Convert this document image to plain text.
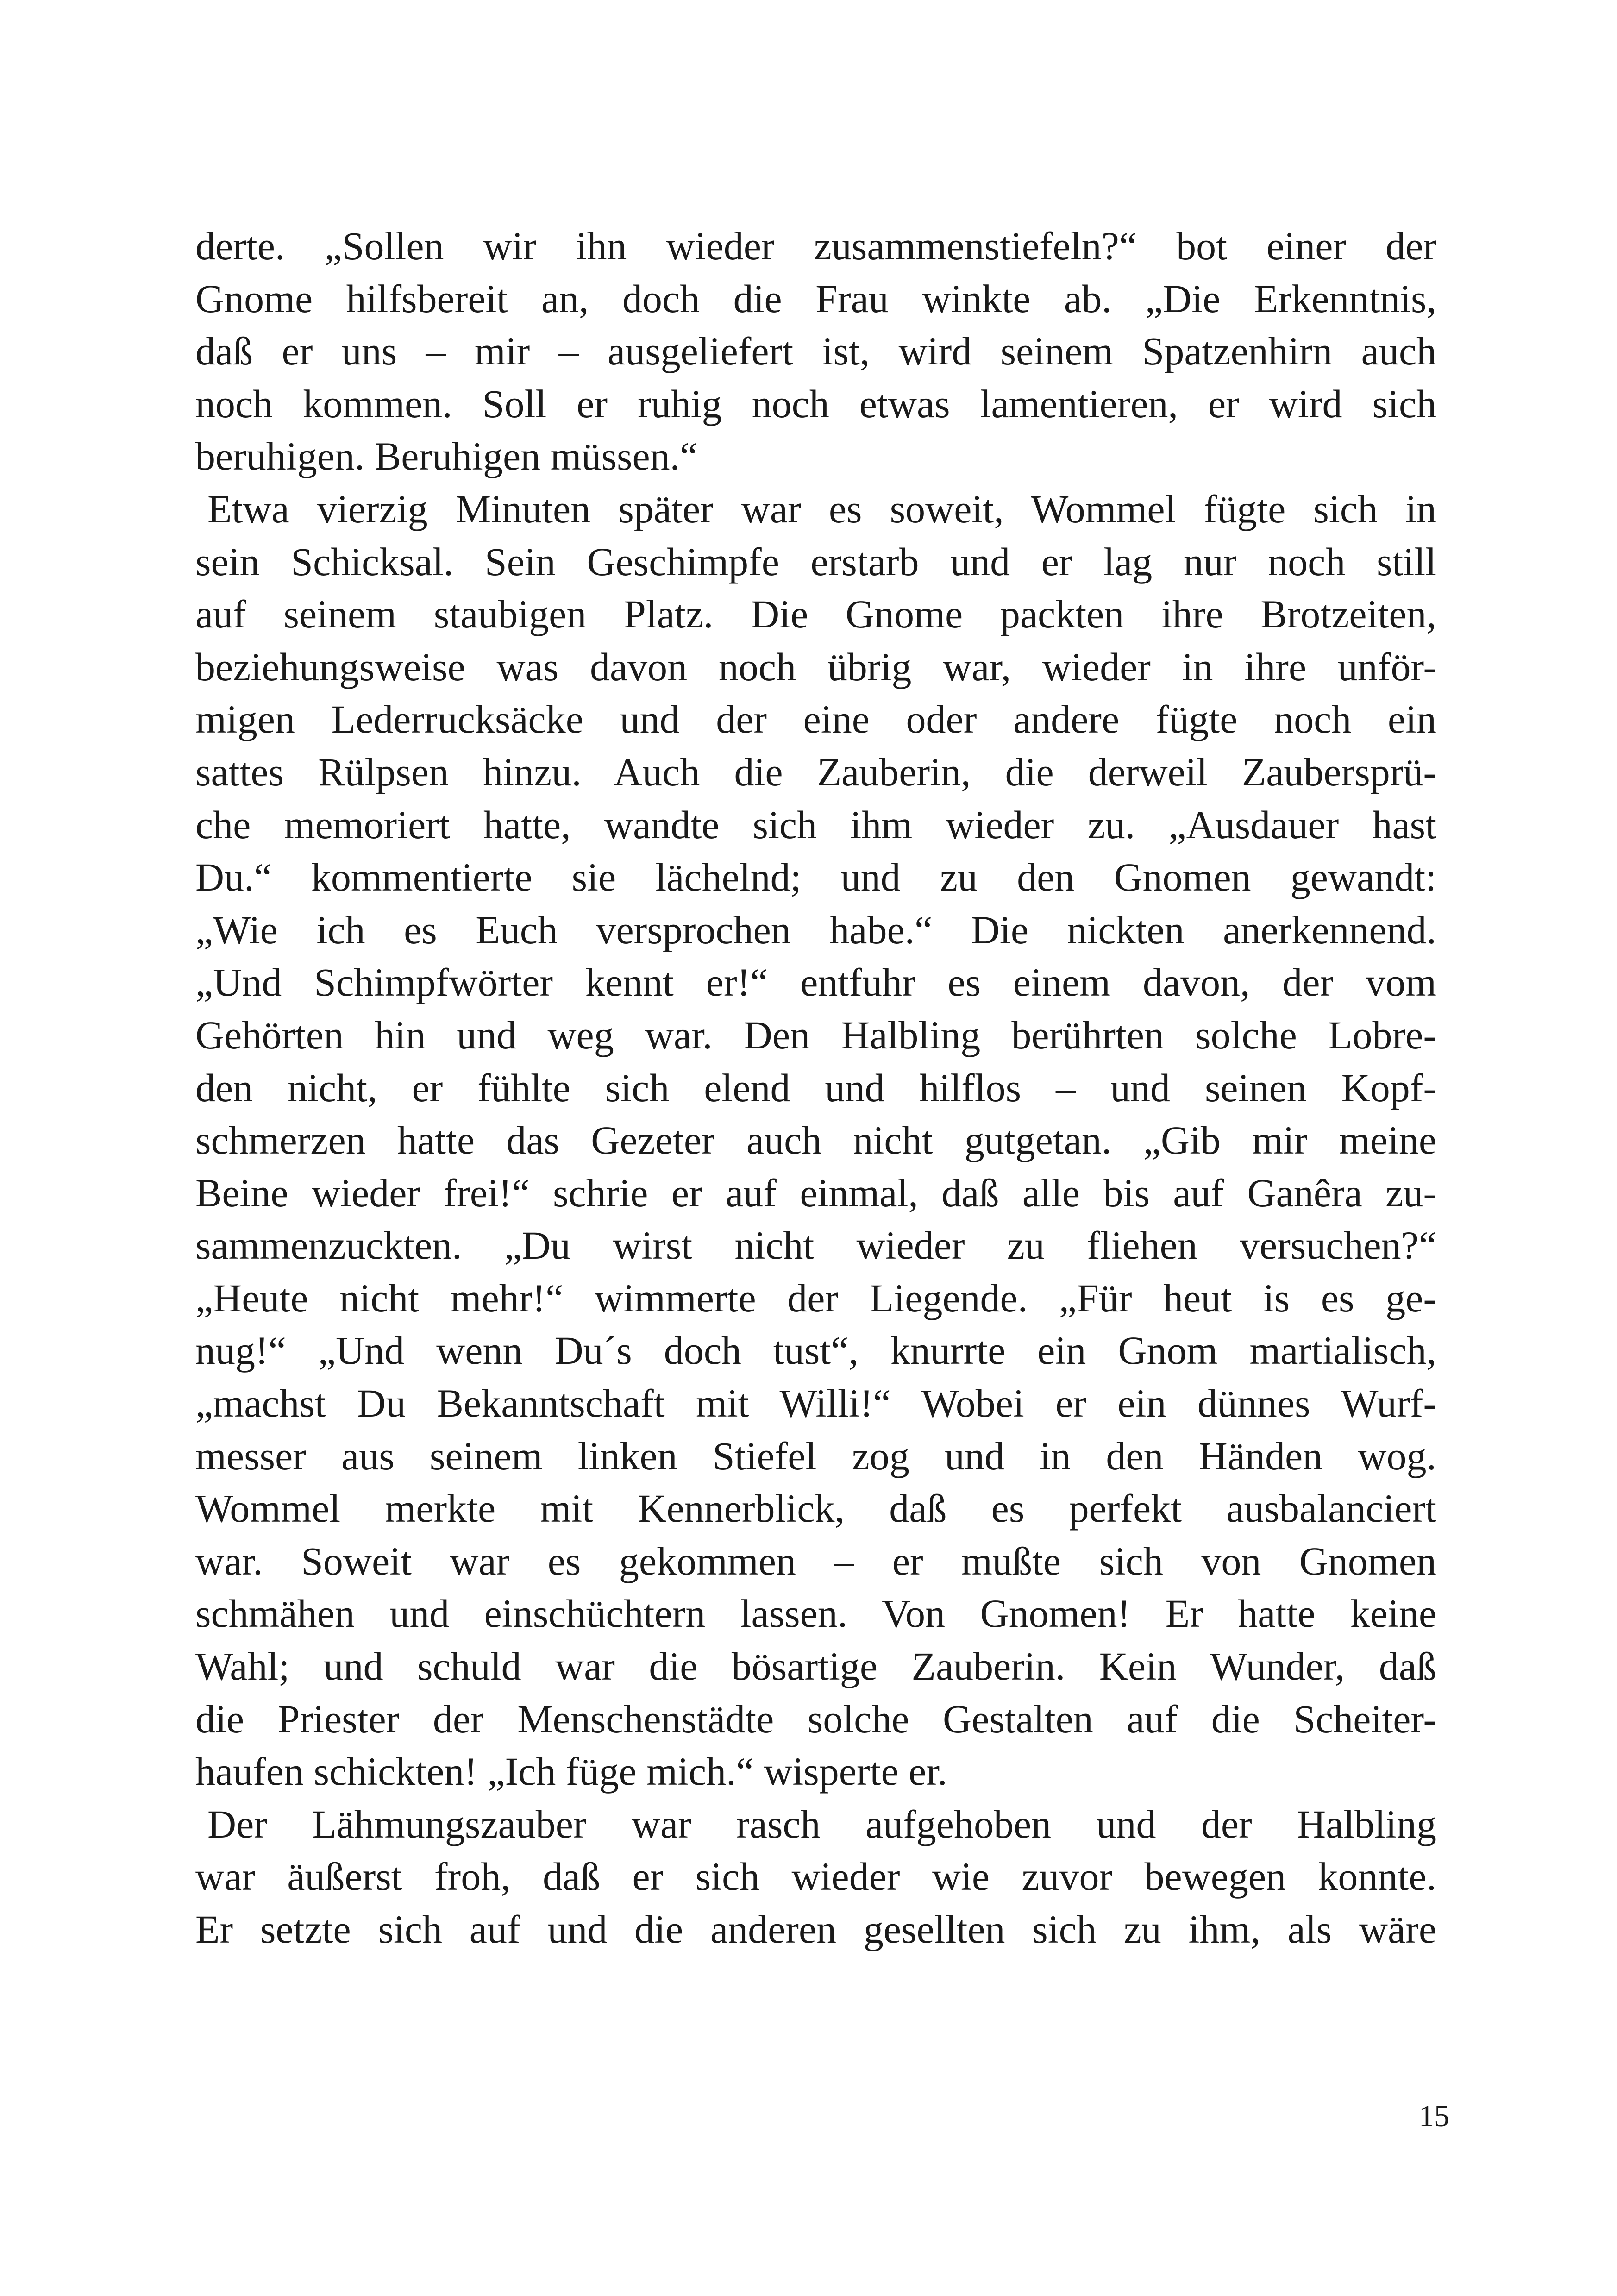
derte. „Sollen wir ihn wieder zusammenstiefeln?“ bot einer der
Gnome hilfsbereit an, doch die Frau winkte ab. „Die Erkenntnis,
daß er uns – mir – ausgeliefert ist, wird seinem Spatzenhirn auch
noch kommen. Soll er ruhig noch etwas lamentieren, er wird sich
beruhigen. Beruhigen müssen.“
Etwa vierzig Minuten später war es soweit, Wommel fügte sich in
sein Schicksal. Sein Geschimpfe erstarb und er lag nur noch still
auf seinem staubigen Platz. Die Gnome packten ihre Brotzeiten,
beziehungsweise was davon noch übrig war, wieder in ihre unför-
migen Lederrucksäcke und der eine oder andere fügte noch ein
sattes Rülpsen hinzu. Auch die Zauberin, die derweil Zaubersprü-
che memoriert hatte, wandte sich ihm wieder zu. „Ausdauer hast
Du.“ kommentierte sie lächelnd; und zu den Gnomen gewandt:
„Wie ich es Euch versprochen habe.“ Die nickten anerkennend.
„Und Schimpfwörter kennt er!“ entfuhr es einem davon, der vom
Gehörten hin und weg war. Den Halbling berührten solche Lobre-
den nicht, er fühlte sich elend und hilflos – und seinen Kopf-
schmerzen hatte das Gezeter auch nicht gutgetan. „Gib mir meine
Beine wieder frei!“ schrie er auf einmal, daß alle bis auf Ganêra zu-
sammenzuckten. „Du wirst nicht wieder zu fliehen versuchen?“
„Heute nicht mehr!“ wimmerte der Liegende. „Für heut is es ge-
nug!“ „Und wenn Du´s doch tust“, knurrte ein Gnom martialisch,
„machst Du Bekanntschaft mit Willi!“ Wobei er ein dünnes Wurf-
messer aus seinem linken Stiefel zog und in den Händen wog.
Wommel merkte mit Kennerblick, daß es perfekt ausbalanciert
war. Soweit war es gekommen – er mußte sich von Gnomen
schmähen und einschüchtern lassen. Von Gnomen! Er hatte keine
Wahl; und schuld war die bösartige Zauberin. Kein Wunder, daß
die Priester der Menschenstädte solche Gestalten auf die Scheiter-
haufen schickten! „Ich füge mich.“ wisperte er.
Der Lähmungszauber war rasch aufgehoben und der Halbling
war äußerst froh, daß er sich wieder wie zuvor bewegen konnte.
Er setzte sich auf und die anderen gesellten sich zu ihm, als wäre
15
